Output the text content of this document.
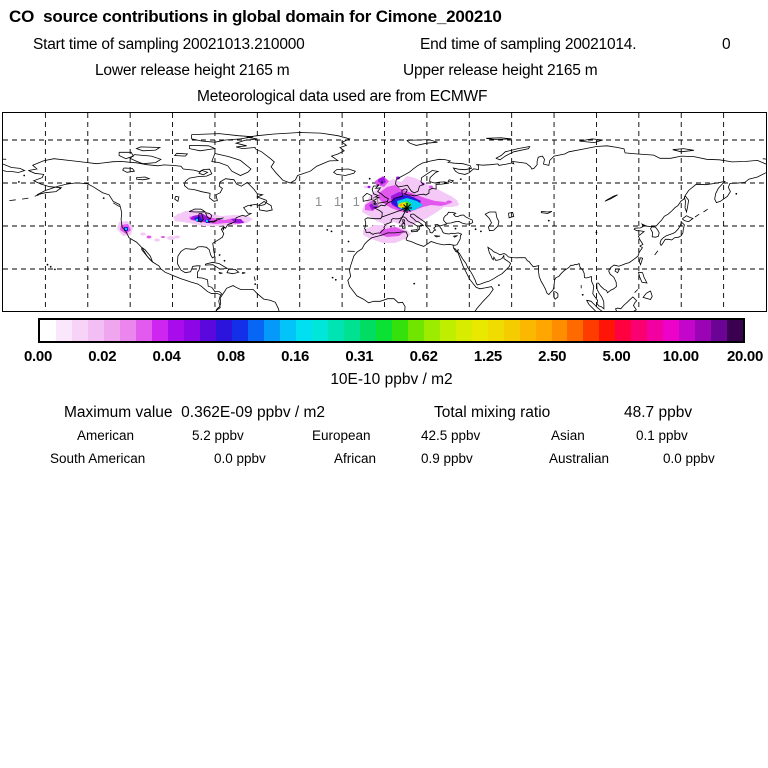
CO  source contributions in global domain for Cimone_200210
Start time of sampling 20021013.210000	End time of sampling 20021014.	0
Lower release height 2165 m	Upper release height 2165 m
Meteorological data used are from ECMWF
1 1 1 0
0.00 0.02 0.04 0.08 0.16 0.31 0.62 1.25 2.50 5.00 10.00 20.00
10E-10 ppbv / m2
Maximum value  0.362E-09 ppbv / m2	Total mixing ratio	48.7 ppbv
American	5.2 ppbv	European	42.5 ppbv	Asian	0.1 ppbv
South American	0.0 ppbv	African	0.9 ppbv	Australian	0.0 ppbv
